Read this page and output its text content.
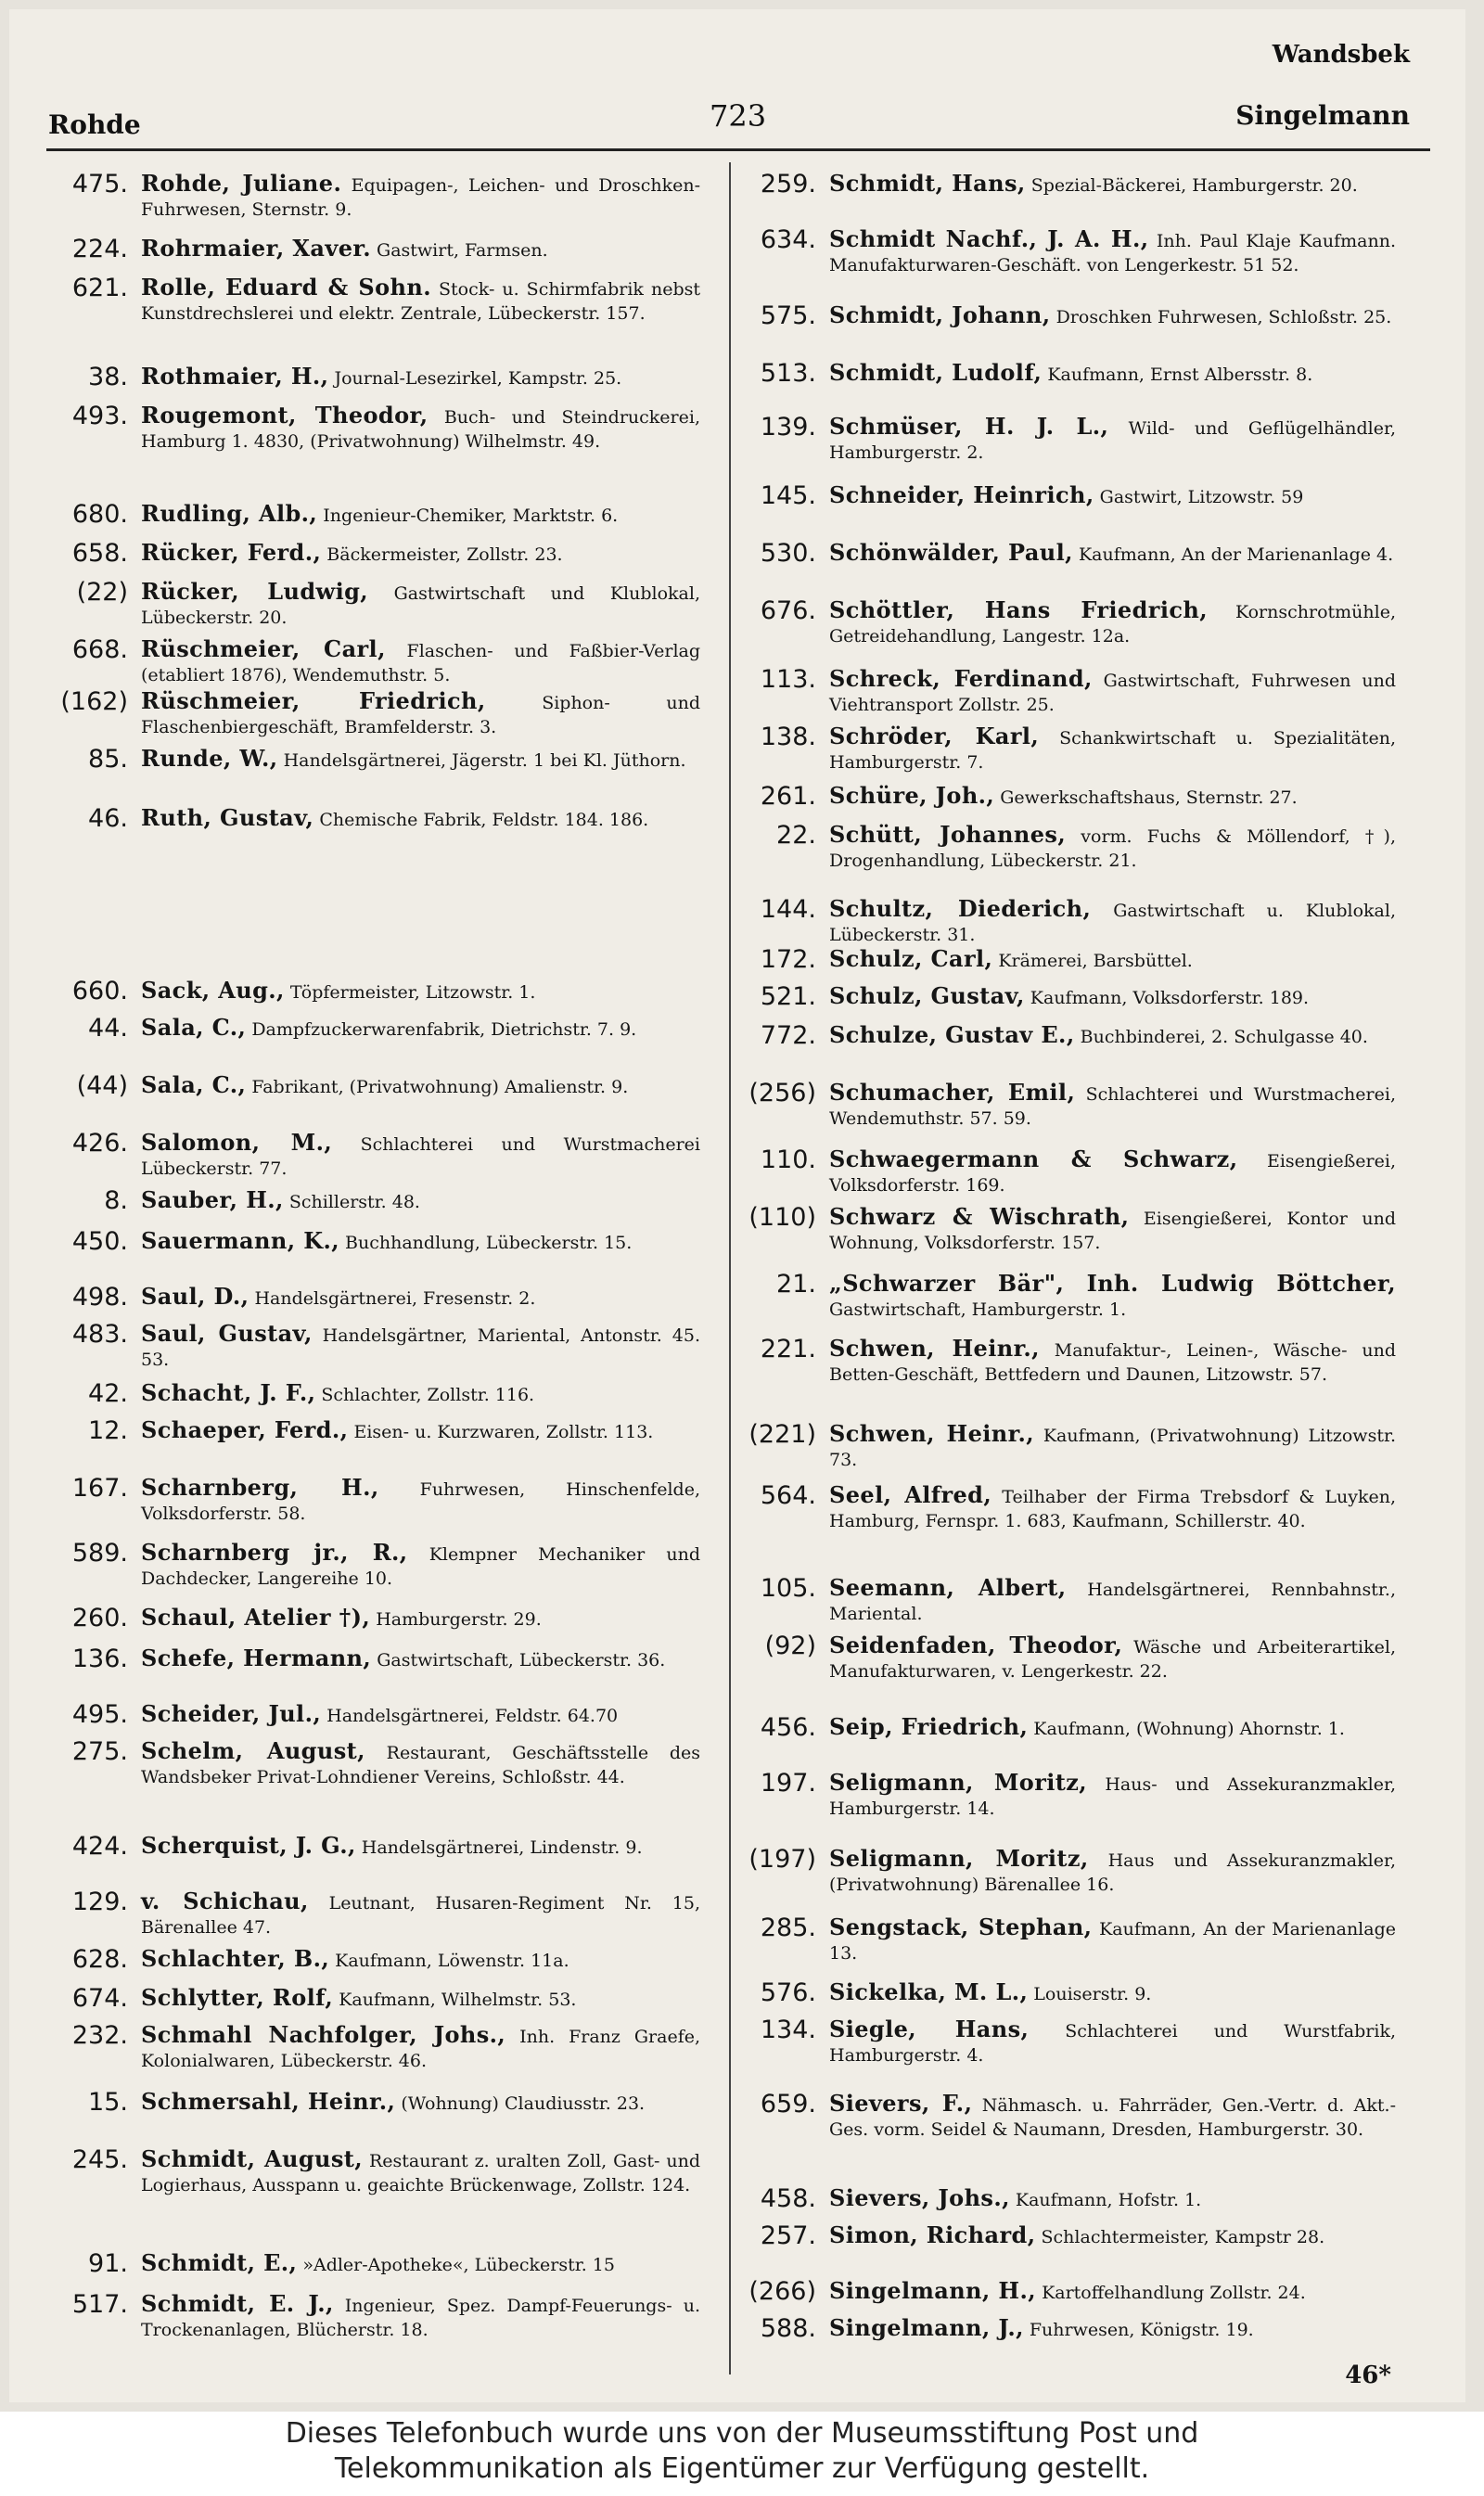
Wandsbek
Rohde	723	Singelmann
475. Rohde, Juliane. Equipagen-, Leichen- und Droschken-Fuhrwesen, Sternstr. 9.
224. Rohrmaier, Xaver. Gastwirt, Farmsen.
621. Rolle, Eduard & Sohn. Stock- u. Schirmfabrik nebst Kunstdrechslerei und elektr. Zentrale, Lübeckerstr. 157.
38. Rothmaier, H., Journal-Lesezirkel, Kampstr. 25.
493. Rougemont, Theodor, Buch- und Steindruckerei, Hamburg 1. 4830, (Privatwohnung) Wilhelmstr. 49.
680. Rudling, Alb., Ingenieur-Chemiker, Marktstr. 6.
658. Rücker, Ferd., Bäckermeister, Zollstr. 23.
(22) Rücker, Ludwig, Gastwirtschaft und Klublokal, Lübeckerstr. 20.
668. Rüschmeier, Carl, Flaschen- und Faßbier-Verlag (etabliert 1876), Wendemuthstr. 5.
(162) Rüschmeier, Friedrich,	Siphon- und Flaschenbiergeschäft, Bramfelderstr. 3.
85. Runde, W., Handelsgärtnerei, Jägerstr. 1 bei Kl. Jüthorn.
46. Ruth, Gustav, Chemische Fabrik, Feldstr. 184. 186.
660. Sack, Aug., Töpfermeister, Litzowstr. 1.
44. Sala, C., Dampfzuckerwarenfabrik, Dietrichstr. 7. 9.
(44) Sala, C., Fabrikant, (Privatwohnung) Amalienstr. 9.
426. Salomon, M., Schlachterei und Wurstmacherei Lübeckerstr. 77.
8. Sauber, H., Schillerstr. 48.
450. Sauermann, K., Buchhandlung, Lübeckerstr. 15.
498. Saul, D., Handelsgärtnerei, Fresenstr. 2.
483. Saul, Gustav, Handelsgärtner, Mariental, Antonstr. 45. 53.
42. Schacht, J. F., Schlachter, Zollstr. 116.
12. Schaeper, Ferd., Eisen- u. Kurzwaren, Zollstr. 113.
167. Scharnberg, H., Fuhrwesen, Hinschenfelde, Volksdorferstr. 58.
589. Scharnberg jr., R., Klempner Mechaniker und Dachdecker, Langereihe 10.
260. Schaul, Atelier †), Hamburgerstr. 29.
136. Schefe, Hermann, Gastwirtschaft, Lübeckerstr. 36.
495. Scheider, Jul., Handelsgärtnerei, Feldstr. 64.70
275. Schelm, August, Restaurant, Geschäftsstelle des Wandsbeker Privat-Lohndiener Vereins, Schloßstr. 44.
424. Scherquist, J. G., Handelsgärtnerei, Lindenstr. 9.
129. v. Schichau, Leutnant, Husaren-Regiment Nr. 15, Bärenallee 47.
628. Schlachter, B., Kaufmann, Löwenstr. 11a.
674. Schlytter, Rolf, Kaufmann, Wilhelmstr. 53.
232. Schmahl Nachfolger, Johs., Inh. Franz Graefe, Kolonialwaren, Lübeckerstr. 46.
15. Schmersahl, Heinr., (Wohnung) Claudiusstr. 23.
245. Schmidt, August, Restaurant z. uralten Zoll, Gast- und Logierhaus, Ausspann u. geaichte Brückenwage, Zollstr. 124.
91. Schmidt, E., »Adler-Apotheke«, Lübeckerstr. 15
517. Schmidt, E. J., Ingenieur, Spez. Dampf-Feuerungs- u. Trockenanlagen, Blücherstr. 18.
259. Schmidt, Hans, Spezial-Bäckerei, Hamburgerstr. 20.
634. Schmidt Nachf., J. A. H., Inh. Paul Klaje Kaufmann. Manufakturwaren-Geschäft. von Lengerkestr. 51 52.
575. Schmidt, Johann, Droschken Fuhrwesen, Schloßstr. 25.
513. Schmidt, Ludolf, Kaufmann, Ernst Albersstr. 8.
139. Schmüser, H. J. L., Wild- und Geflügelhändler, Hamburgerstr. 2.
145. Schneider, Heinrich, Gastwirt, Litzowstr. 59
530. Schönwälder, Paul, Kaufmann, An der Marienanlage 4.
676. Schöttler, Hans Friedrich, Kornschrotmühle, Getreidehandlung, Langestr. 12a.
113. Schreck, Ferdinand, Gastwirtschaft, Fuhrwesen und Viehtransport Zollstr. 25.
138. Schröder, Karl, Schankwirtschaft u. Spezialitäten, Hamburgerstr. 7.
261. Schüre, Joh., Gewerkschaftshaus, Sternstr. 27.
22. Schütt, Johannes, vorm. Fuchs & Möllendorf, †), Drogenhandlung, Lübeckerstr. 21.
144. Schultz, Diederich, Gastwirtschaft u. Klublokal, Lübeckerstr. 31.
172. Schulz, Carl, Krämerei, Barsbüttel.
521. Schulz, Gustav, Kaufmann, Volksdorferstr. 189.
772. Schulze, Gustav E., Buchbinderei, 2. Schulgasse 40.
(256) Schumacher, Emil, Schlachterei und Wurstmacherei, Wendemuthstr. 57. 59.
110. Schwaegermann & Schwarz, Eisengießerei, Volksdorferstr. 169.
(110) Schwarz & Wischrath, Eisengießerei, Kontor und Wohnung, Volksdorferstr. 157.
21. „Schwarzer Bär", Inh. Ludwig Böttcher, Gastwirtschaft, Hamburgerstr. 1.
221. Schwen, Heinr., Manufaktur-, Leinen-, Wäsche- und Betten-Geschäft, Bettfedern und Daunen, Litzowstr. 57.
(221) Schwen, Heinr., Kaufmann, (Privatwohnung) Litzowstr. 73.
564. Seel, Alfred, Teilhaber der Firma Trebsdorf & Luyken, Hamburg, Fernspr. 1. 683, Kaufmann, Schillerstr. 40.
105. Seemann, Albert, Handelsgärtnerei, Rennbahnstr., Mariental.
(92) Seidenfaden, Theodor, Wäsche und Arbeiterartikel, Manufakturwaren, v. Lengerkestr. 22.
456. Seip, Friedrich, Kaufmann, (Wohnung) Ahornstr. 1.
197. Seligmann, Moritz, Haus- und Assekuranzmakler, Hamburgerstr. 14.
(197) Seligmann, Moritz, Haus und Assekuranzmakler, (Privatwohnung) Bärenallee 16.
285. Sengstack, Stephan, Kaufmann, An der Marienanlage 13.
576. Sickelka, M. L., Louiserstr. 9.
134. Siegle, Hans, Schlachterei und Wurstfabrik, Hamburgerstr. 4.
659. Sievers, F., Nähmasch. u. Fahrräder, Gen.-Vertr. d. Akt.-Ges. vorm. Seidel & Naumann, Dresden, Hamburgerstr. 30.
458. Sievers, Johs., Kaufmann, Hofstr. 1.
257. Simon, Richard, Schlachtermeister, Kampstr 28.
(266) Singelmann, H., Kartoffelhandlung Zollstr. 24.
588. Singelmann, J., Fuhrwesen, Königstr. 19.
46*
Dieses Telefonbuch wurde uns von der Museumsstiftung Post und
Telekommunikation als Eigentümer zur Verfügung gestellt.
